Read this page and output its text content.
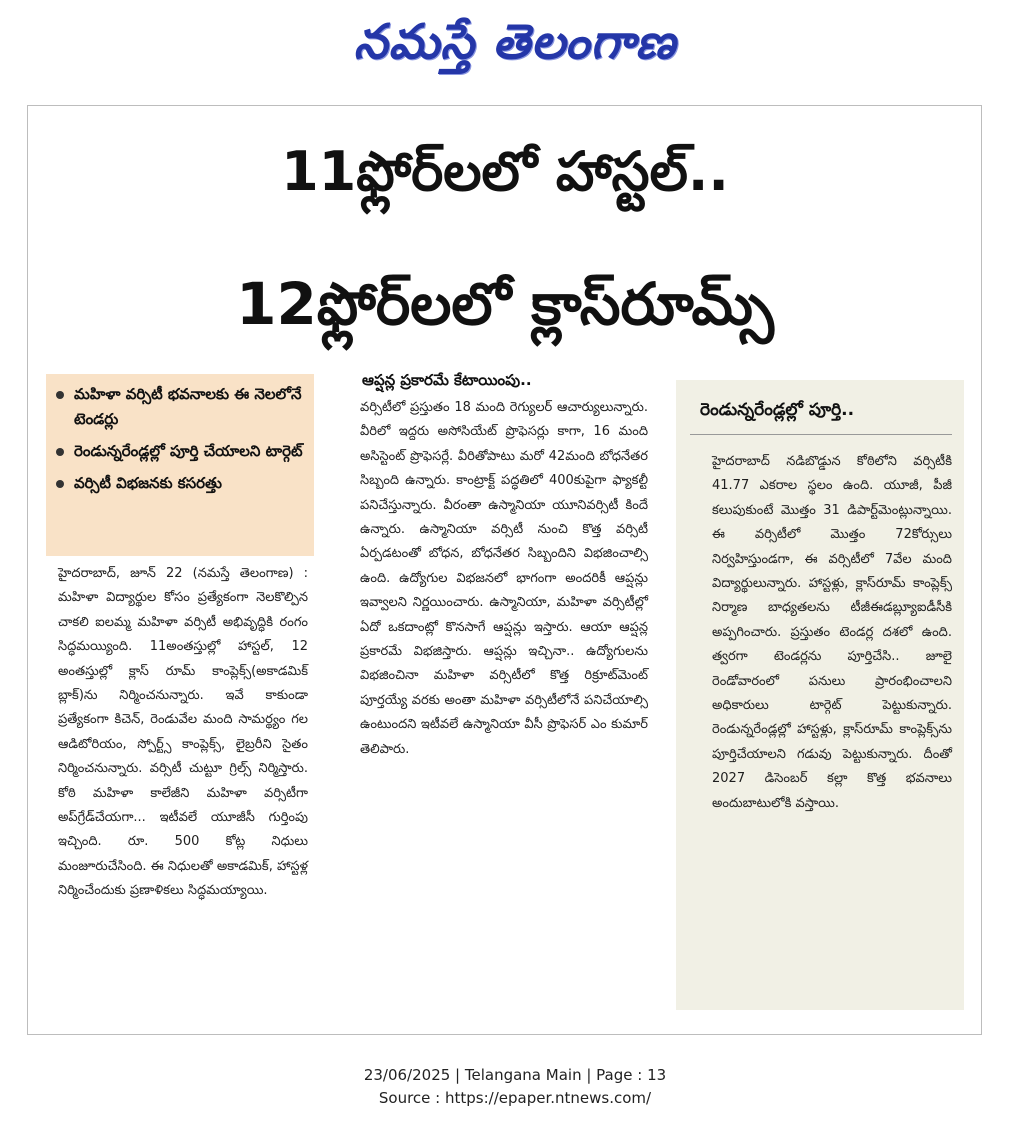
నమస్తే తెలంగాణ
11ఫ్లోర్‌లలో హాస్టల్..
12ఫ్లోర్‌లలో క్లాస్‌రూమ్స్
మహిళా వర్సిటీ భవనాలకు ఈ నెలలోనే టెండర్లు
రెండున్నరేండ్లల్లో పూర్తి చేయాలని టార్గెట్
వర్సిటీ విభజనకు కసరత్తు
హైదరాబాద్‌, జూన్‌ 22 (నమస్తే తెలంగాణ) : మహిళా విద్యార్థుల కోసం ప్రత్యేకంగా నెలకొల్పిన చాకలి ఐలమ్మ మహిళా వర్సిటీ అభివృద్ధికి రంగం సిద్ధమయ్యింది. 11అంతస్తుల్లో హాస్టల్‌, 12 అంతస్తుల్లో క్లాస్‌ రూమ్‌ కాంప్లెక్స్‌(అకాడమిక్‌ బ్లాక్‌)ను నిర్మించనున్నారు. ఇవే కాకుండా ప్రత్యేకంగా కిచెన్‌, రెండువేల మంది సామర్థ్యం గల ఆడిటోరియం, స్పోర్ట్స్‌ కాంప్లెక్స్‌, లైబ్రరీని సైతం నిర్మించనున్నారు. వర్సిటీ చుట్టూ గ్రిల్స్‌ నిర్మిస్తారు. కోఠి మహిళా కాలేజీని మహిళా వర్సిటీగా అప్‌గ్రేడ్‌చేయగా... ఇటీవలే యూజీసీ గుర్తింపు ఇచ్చింది. రూ. 500 కోట్ల నిధులు మంజూరుచేసింది. ఈ నిధులతో అకాడమిక్‌, హాస్టళ్ల నిర్మించేందుకు ప్రణాళికలు సిద్ధమయ్యాయి.
ఆప్షన్ల ప్రకారమే కేటాయింపు..
వర్సిటీలో ప్రస్తుతం 18 మంది రెగ్యులర్‌ ఆచార్యులున్నారు. వీరిలో ఇద్దరు అసోసియేట్‌ ప్రొఫెసర్లు కాగా, 16 మంది అసిస్టెంట్‌ ప్రొఫెసర్లే. వీరితోపాటు మరో 42మంది బోధనేతర సిబ్బంది ఉన్నారు. కాంట్రాక్ట్‌ పద్ధతిలో 400కుపైగా ఫ్యాకల్టీ పనిచేస్తున్నారు. వీరంతా ఉస్మానియా యూనివర్సిటీ కిందే ఉన్నారు. ఉస్మానియా వర్సిటీ నుంచి కొత్త వర్సిటీ ఏర్పడటంతో బోధన, బోధనేతర సిబ్బందిని విభజించాల్సి ఉంది. ఉద్యోగుల విభజనలో భాగంగా అందరికీ ఆప్షన్లు ఇవ్వాలని నిర్ణయించారు. ఉస్మానియా, మహిళా వర్సిటీల్లో ఏదో ఒకదాంట్లో కొనసాగే ఆప్షన్లు ఇస్తారు. ఆయా ఆప్షన్ల ప్రకారమే విభజిస్తారు. ఆప్షన్లు ఇచ్చినా.. ఉద్యోగులను విభజించినా మహిళా వర్సిటీలో కొత్త రిక్రూట్‌మెంట్‌ పూర్తయ్యే వరకు అంతా మహిళా వర్సిటీలోనే పనిచేయాల్సి ఉంటుందని ఇటీవలే ఉస్మానియా వీసీ ప్రొఫెసర్‌ ఎం కుమార్‌ తెలిపారు.
రెండున్నరేండ్లల్లో పూర్తి..
హైదరాబాద్‌ నడిబొడ్డున కోఠిలోని వర్సిటీకి 41.77 ఎకరాల స్థలం ఉంది. యూజీ, పీజీ కలుపుకుంటే మొత్తం 31 డిపార్ట్‌మెంట్లున్నాయి. ఈ వర్సిటీలో మొత్తం 72కోర్సులు నిర్వహిస్తుండగా, ఈ వర్సిటీలో 7వేల మంది విద్యార్థులున్నారు. హాస్టళ్లు, క్లాస్‌రూమ్‌ కాంప్లెక్స్‌ నిర్మాణ బాధ్యతలను టీజీఈడబ్ల్యూఐడీసీకి అప్పగించారు. ప్రస్తుతం టెండర్ల దశలో ఉంది. త్వరగా టెండర్లను పూర్తిచేసి.. జూలై రెండోవారంలో పనులు ప్రారంభించాలని అధికారులు టార్గెట్‌ పెట్టుకున్నారు. రెండున్నరేండ్లల్లో హాస్టళ్లు, క్లాస్‌రూమ్‌ కాంప్లెక్స్‌ను పూర్తిచేయాలని గడువు పెట్టుకున్నారు. దీంతో 2027 డిసెంబర్‌ కల్లా కొత్త భవనాలు అందుబాటులోకి వస్తాయి.
23/06/2025 | Telangana Main | Page : 13
Source : https://epaper.ntnews.com/
